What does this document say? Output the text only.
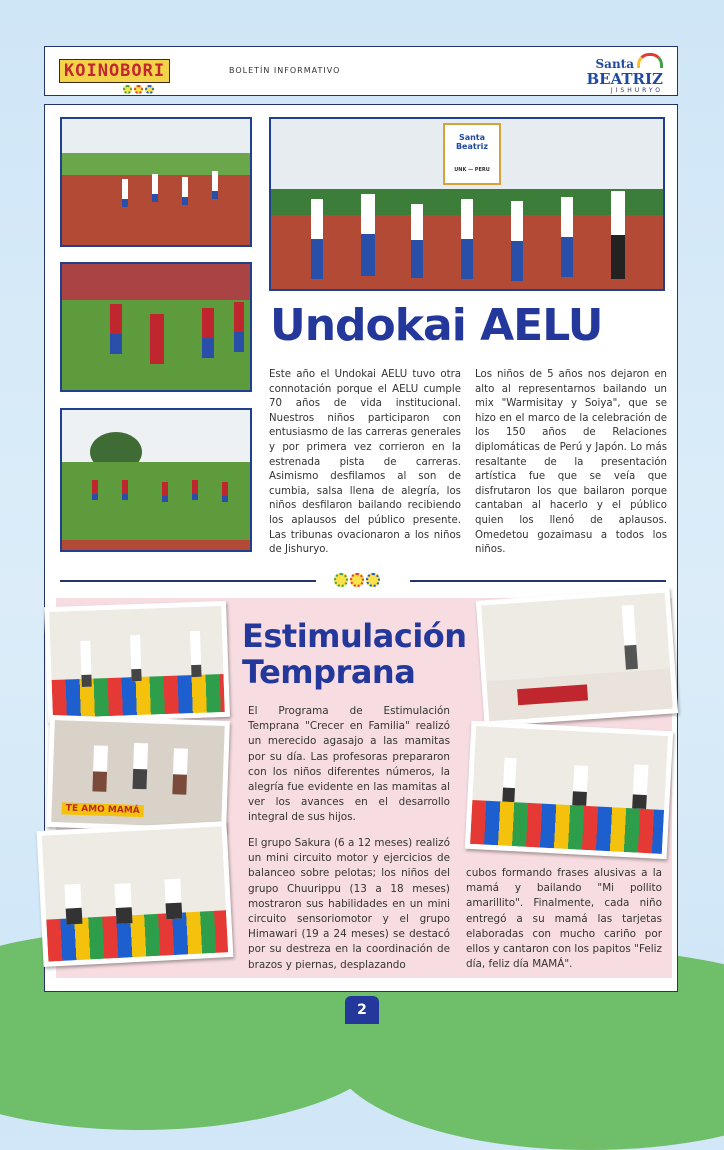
KOINOBORI	BOLETÍN INFORMATIVO	Santa
BEATRIZ
JISHURYO
Santa Beatriz
UNK — PERU
Undokai AELU
Este año el Undokai AELU tuvo otra connotación porque el AELU cumple 70 años de vida institucional. Nuestros niños participaron con entusiasmo de las carreras generales y por primera vez corrieron en la estrenada pista de carreras. Asimismo desfilamos al son de cumbia, salsa llena de alegría, los niños desfilaron bailando recibiendo los aplausos del público presente. Las tribunas ovacionaron a los niños de Jishuryo.
Los niños de 5 años nos dejaron en alto al representarnos bailando un mix "Warmisitay y Soiya", que se hizo en el marco de la celebración de los 150 años de Relaciones diplomáticas de Perú y Japón. Lo más resaltante de la presentación artística fue que se veía que disfrutaron los que bailaron porque cantaban al hacerlo y el público quien los llenó de aplausos. Omedetou gozaimasu a todos los niños.
TE AMO MAMÁ
Estimulación
Temprana
El Programa de Estimulación Temprana "Crecer en Familia" realizó un merecido agasajo a las mamitas por su día. Las profesoras prepararon con los niños diferentes números, la alegría fue evidente en las mamitas al ver los avances en el desarrollo integral de sus hijos.
El grupo Sakura (6 a 12 meses) realizó un mini circuito motor y ejercicios de balanceo sobre pelotas; los niños del grupo Chuurippu (13 a 18 meses) mostraron sus habilidades en un mini circuito sensoriomotor y el grupo Himawari (19 a 24 meses) se destacó por su destreza en la coordinación de brazos y piernas, desplazando
cubos formando frases alusivas a la mamá y bailando "Mi pollito amarillito". Finalmente, cada niño entregó a su mamá las tarjetas elaboradas con mucho cariño por ellos y cantaron con los papitos "Feliz día, feliz día MAMÁ".
2
